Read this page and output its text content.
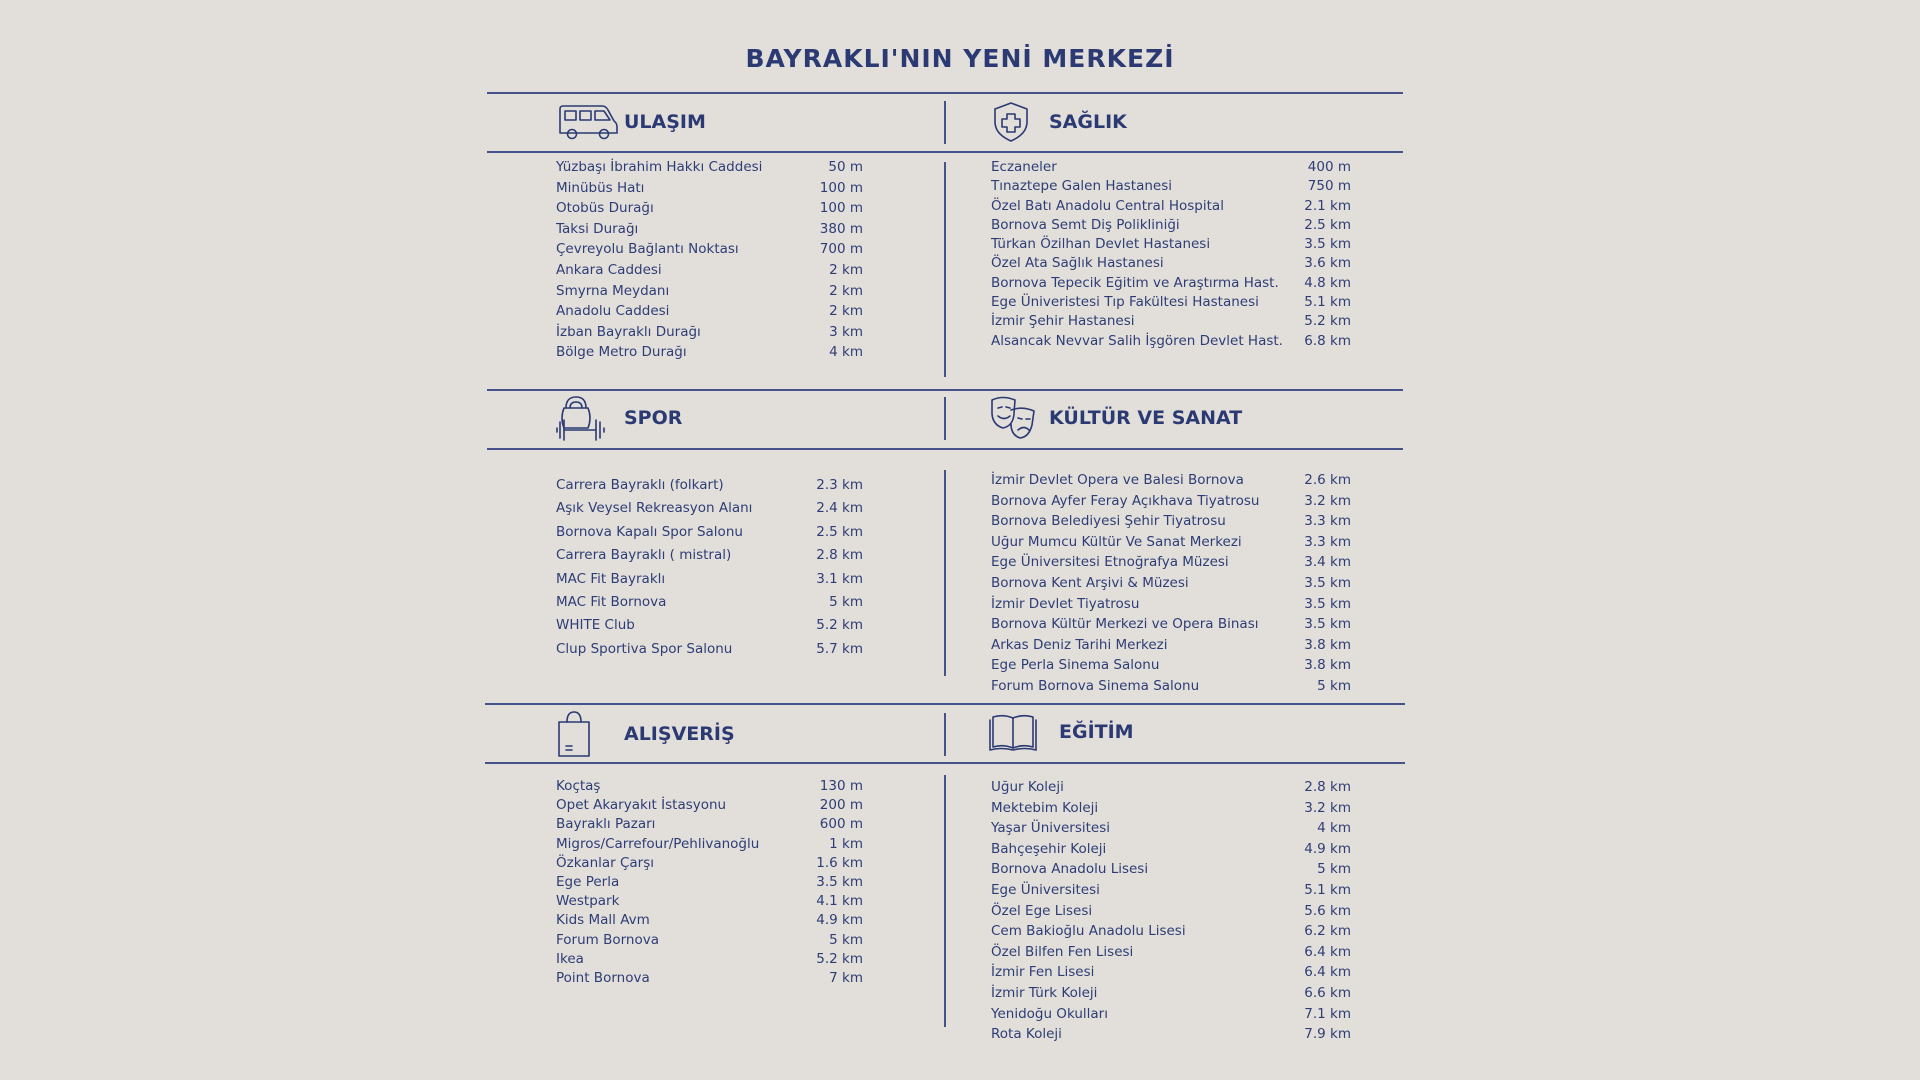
BAYRAKLI'NIN YENİ MERKEZİ
ULAŞIM	SAĞLIK
SPOR	KÜLTÜR VE SANAT
ALIŞVERİŞ	EĞİTİM
Yüzbaşı İbrahim Hakkı Caddesi	50 m
Minübüs Hatı	100 m
Otobüs Durağı	100 m
Taksi Durağı	380 m
Çevreyolu Bağlantı Noktası	700 m
Ankara Caddesi	2 km
Smyrna Meydanı	2 km
Anadolu Caddesi	2 km
İzban Bayraklı Durağı	3 km
Bölge Metro Durağı	4 km
Eczaneler	400 m
Tınaztepe Galen Hastanesi	750 m
Özel Batı Anadolu Central Hospital	2.1 km
Bornova Semt Diş Polikliniği	2.5 km
Türkan Özilhan Devlet Hastanesi	3.5 km
Özel Ata Sağlık Hastanesi	3.6 km
Bornova Tepecik Eğitim ve Araştırma Hast. 4.8 km
Ege Üniveristesi Tıp Fakültesi Hastanesi	5.1 km
İzmir Şehir Hastanesi	5.2 km
Alsancak Nevvar Salih İşgören Devlet Hast. 6.8 km
Carrera Bayraklı (folkart)	2.3 km
Aşık Veysel Rekreasyon Alanı	2.4 km
Bornova Kapalı Spor Salonu	2.5 km
Carrera Bayraklı ( mistral)	2.8 km
MAC Fit Bayraklı	3.1 km
MAC Fit Bornova	5 km
WHITE Club	5.2 km
Clup Sportiva Spor Salonu	5.7 km
İzmir Devlet Opera ve Balesi Bornova	2.6 km
Bornova Ayfer Feray Açıkhava Tiyatrosu	3.2 km
Bornova Belediyesi Şehir Tiyatrosu	3.3 km
Uğur Mumcu Kültür Ve Sanat Merkezi	3.3 km
Ege Üniversitesi Etnoğrafya Müzesi	3.4 km
Bornova Kent Arşivi & Müzesi	3.5 km
İzmir Devlet Tiyatrosu	3.5 km
Bornova Kültür Merkezi ve Opera Binası	3.5 km
Arkas Deniz Tarihi Merkezi	3.8 km
Ege Perla Sinema Salonu	3.8 km
Forum Bornova Sinema Salonu	5 km
Koçtaş	130 m
Opet Akaryakıt İstasyonu	200 m
Bayraklı Pazarı	600 m
Migros/Carrefour/Pehlivanoğlu	1 km
Özkanlar Çarşı	1.6 km
Ege Perla	3.5 km
Westpark	4.1 km
Kids Mall Avm	4.9 km
Forum Bornova	5 km
Ikea	5.2 km
Point Bornova	7 km
Uğur Koleji	2.8 km
Mektebim Koleji	3.2 km
Yaşar Üniversitesi	4 km
Bahçeşehir Koleji	4.9 km
Bornova Anadolu Lisesi	5 km
Ege Üniversitesi	5.1 km
Özel Ege Lisesi	5.6 km
Cem Bakioğlu Anadolu Lisesi	6.2 km
Özel Bilfen Fen Lisesi	6.4 km
İzmir Fen Lisesi	6.4 km
İzmir Türk Koleji	6.6 km
Yenidoğu Okulları	7.1 km
Rota Koleji	7.9 km
